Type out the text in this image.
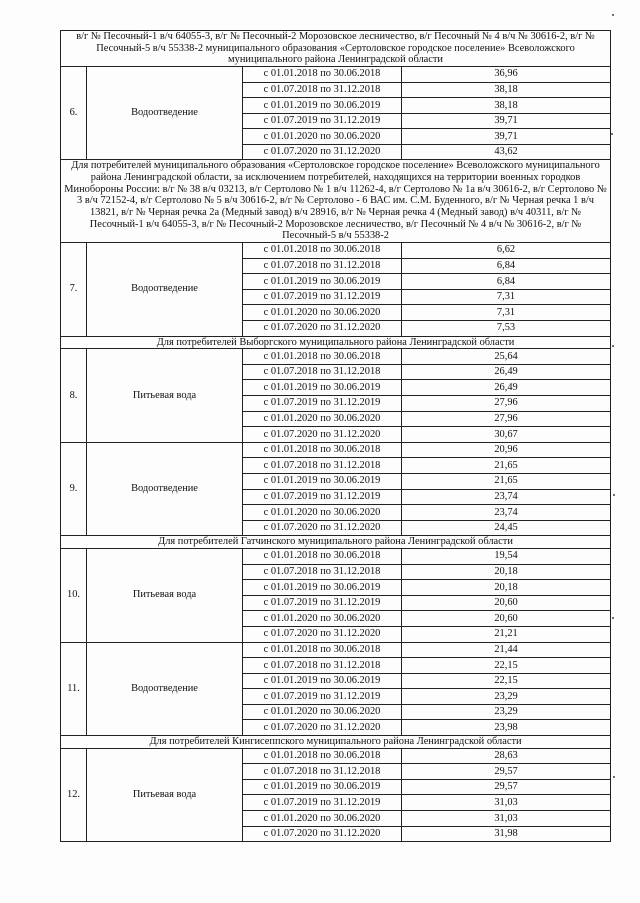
в/г № Песочный-1 в/ч 64055-3, в/г № Песочный-2 Морозовское лесничество, в/г Песочный № 4 в/ч № 30616-2, в/г № Песочный-5 в/ч 55338-2 муниципального образования «Сертоловское городское поселение» Всеволожского муниципального района Ленинградской области			
6.	Водоотведение	с 01.01.2018 по 30.06.2018	36,96
		с 01.07.2018 по 31.12.2018	38,18
		с 01.01.2019 по 30.06.2019	38,18
		с 01.07.2019 по 31.12.2019	39,71
		с 01.01.2020 по 30.06.2020	39,71
		с 01.07.2020 по 31.12.2020	43,62
Для потребителей муниципального образования «Сертоловское городское поселение» Всеволожского муниципального района Ленинградской области, за исключением потребителей, находящихся на территории военных городков Минобороны России: в/г № 38 в/ч 03213, в/г Сертолово № 1 в/ч 11262-4, в/г Сертолово № 1а в/ч 30616-2, в/г Сертолово № 3 в/ч 72152-4, в/г Сертолово № 5 в/ч 30616-2, в/г № Сертолово - 6 ВАС им. С.М. Буденного, в/г № Черная речка 1 в/ч 13821, в/г № Черная речка 2а (Медный завод) в/ч 28916, в/г № Черная речка 4 (Медный завод) в/ч 40311, в/г № Песочный-1 в/ч 64055-3, в/г № Песочный-2 Морозовское лесничество, в/г Песочный № 4 в/ч № 30616-2, в/г № Песочный-5 в/ч 55338-2			
7.	Водоотведение	с 01.01.2018 по 30.06.2018	6,62
		с 01.07.2018 по 31.12.2018	6,84
		с 01.01.2019 по 30.06.2019	6,84
		с 01.07.2019 по 31.12.2019	7,31
		с 01.01.2020 по 30.06.2020	7,31
		с 01.07.2020 по 31.12.2020	7,53
Для потребителей Выборгского муниципального района Ленинградской области			
8.	Питьевая вода	с 01.01.2018 по 30.06.2018	25,64
		с 01.07.2018 по 31.12.2018	26,49
		с 01.01.2019 по 30.06.2019	26,49
		с 01.07.2019 по 31.12.2019	27,96
		с 01.01.2020 по 30.06.2020	27,96
		с 01.07.2020 по 31.12.2020	30,67
9.	Водоотведение	с 01.01.2018 по 30.06.2018	20,96
		с 01.07.2018 по 31.12.2018	21,65
		с 01.01.2019 по 30.06.2019	21,65
		с 01.07.2019 по 31.12.2019	23,74
		с 01.01.2020 по 30.06.2020	23,74
		с 01.07.2020 по 31.12.2020	24,45
Для потребителей Гатчинского муниципального района Ленинградской области			
10.	Питьевая вода	с 01.01.2018 по 30.06.2018	19,54
		с 01.07.2018 по 31.12.2018	20,18
		с 01.01.2019 по 30.06.2019	20,18
		с 01.07.2019 по 31.12.2019	20,60
		с 01.01.2020 по 30.06.2020	20,60
		с 01.07.2020 по 31.12.2020	21,21
11.	Водоотведение	с 01.01.2018 по 30.06.2018	21,44
		с 01.07.2018 по 31.12.2018	22,15
		с 01.01.2019 по 30.06.2019	22,15
		с 01.07.2019 по 31.12.2019	23,29
		с 01.01.2020 по 30.06.2020	23,29
		с 01.07.2020 по 31.12.2020	23,98
Для потребителей Кингисеппского муниципального района Ленинградской области			
12.	Питьевая вода	с 01.01.2018 по 30.06.2018	28,63
		с 01.07.2018 по 31.12.2018	29,57
		с 01.01.2019 по 30.06.2019	29,57
		с 01.07.2019 по 31.12.2019	31,03
		с 01.01.2020 по 30.06.2020	31,03
		с 01.07.2020 по 31.12.2020	31,98
